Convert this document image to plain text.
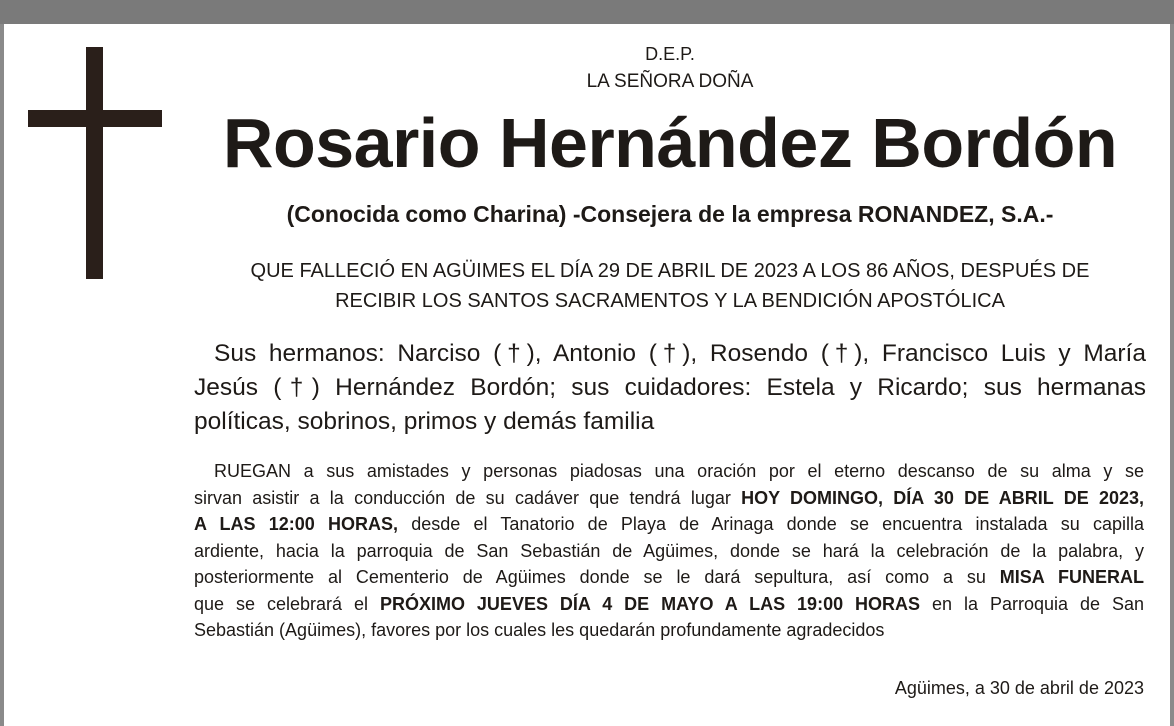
D.E.P.
LA SEÑORA DOÑA
Rosario Hernández Bordón
(Conocida como Charina) -Consejera de la empresa RONANDEZ, S.A.-
QUE FALLECIÓ EN AGÜIMES EL DÍA 29 DE ABRIL DE 2023 A LOS 86 AÑOS, DESPUÉS DE
RECIBIR LOS SANTOS SACRAMENTOS Y LA BENDICIÓN APOSTÓLICA
Sus hermanos: Narciso (†), Antonio (†), Rosendo (†), Francisco Luis y María
Jesús (†) Hernández Bordón; sus cuidadores: Estela y Ricardo; sus hermanas
políticas, sobrinos, primos y demás familia
RUEGAN a sus amistades y personas piadosas una oración por el eterno descanso de su alma y se
sirvan asistir a la conducción de su cadáver que tendrá lugar HOY DOMINGO, DÍA 30 DE ABRIL DE 2023,
A LAS 12:00 HORAS, desde el Tanatorio de Playa de Arinaga donde se encuentra instalada su capilla
ardiente, hacia la parroquia de San Sebastián de Agüimes, donde se hará la celebración de la palabra, y
posteriormente al Cementerio de Agüimes donde se le dará sepultura, así como a su MISA FUNERAL
que se celebrará el PRÓXIMO JUEVES DÍA 4 DE MAYO A LAS 19:00 HORAS en la Parroquia de San
Sebastián (Agüimes), favores por los cuales les quedarán profundamente agradecidos
Agüimes, a 30 de abril de 2023
